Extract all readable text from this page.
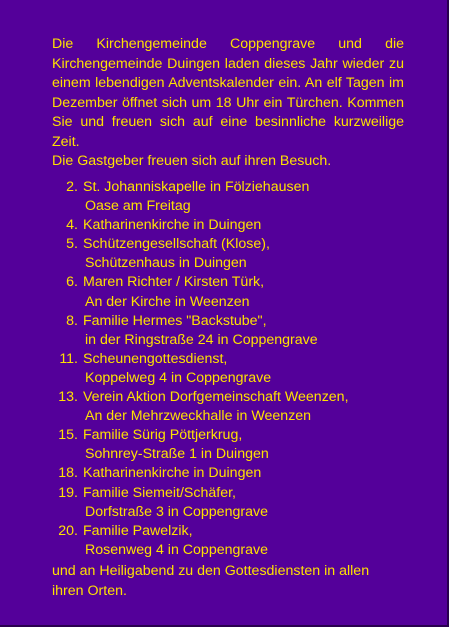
Die Kirchengemeinde Coppengrave und die Kirchengemeinde Duingen laden dieses Jahr wieder zu einem lebendigen Adventskalender ein. An elf Tagen im Dezember öffnet sich um 18 Uhr ein Türchen. Kommen Sie und freuen sich auf eine besinnliche kurzweilige Zeit.

Die Gastgeber freuen sich auf ihren Besuch.

2. St. Johanniskapelle in Fölziehausen
Oase am Freitag
4. Katharinenkirche in Duingen
5. Schützengesellschaft (Klose),
Schützenhaus in Duingen
6. Maren Richter / Kirsten Türk,
An der Kirche in Weenzen
8. Familie Hermes "Backstube",
in der Ringstraße 24 in Coppengrave
11. Scheunengottesdienst,
Koppelweg 4 in Coppengrave
13. Verein Aktion Dorfgemeinschaft Weenzen,
An der Mehrzweckhalle in Weenzen
15. Familie Sürig Pöttjerkrug,
Sohnrey-Straße 1 in Duingen
18. Katharinenkirche in Duingen
19. Familie Siemeit/Schäfer,
Dorfstraße 3 in Coppengrave
20. Familie Pawelzik,
Rosenweg 4 in Coppengrave

und an Heiligabend zu den Gottesdiensten in allen ihren Orten.
